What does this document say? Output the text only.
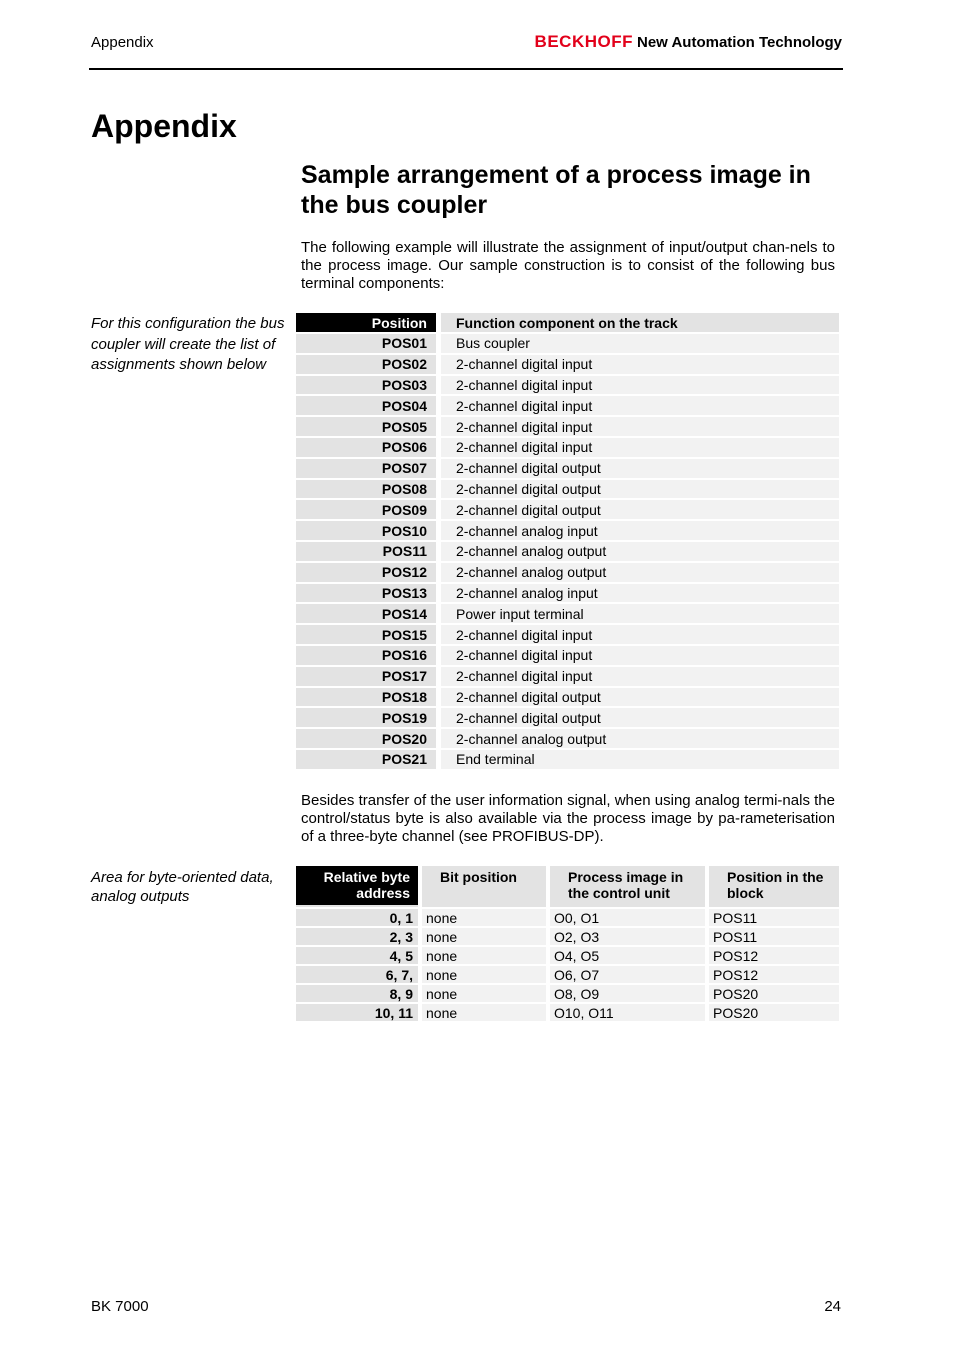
Appendix	BECKHOFF New Automation Technology
Appendix
Sample arrangement of a process image in the bus coupler

The following example will illustrate the assignment of input/output chan-nels to the process image. Our sample construction is to consist of the following bus terminal components:

For this configuration the bus coupler will create the list of assignments shown below

Position	Function component on the track
POS01	Bus coupler
POS02	2-channel digital input
POS03	2-channel digital input
POS04	2-channel digital input
POS05	2-channel digital input
POS06	2-channel digital input
POS07	2-channel digital output
POS08	2-channel digital output
POS09	2-channel digital output
POS10	2-channel analog input
POS11	2-channel analog output
POS12	2-channel analog output
POS13	2-channel analog input
POS14	Power input terminal
POS15	2-channel digital input
POS16	2-channel digital input
POS17	2-channel digital input
POS18	2-channel digital output
POS19	2-channel digital output
POS20	2-channel analog output
POS21	End terminal

Besides transfer of the user information signal, when using analog termi-nals the control/status byte is also available via the process image by pa-rameterisation of a three-byte channel (see PROFIBUS-DP).

Area for byte-oriented data, analog outputs

Relative byte address	Bit position	Process image in the control unit	Position in the block
0, 1	none	O0, O1	POS11
2, 3	none	O2, O3	POS11
4, 5	none	O4, O5	POS12
6, 7,	none	O6, O7	POS12
8, 9	none	O8, O9	POS20
10, 11	none	O10, O11	POS20
BK 7000	24
